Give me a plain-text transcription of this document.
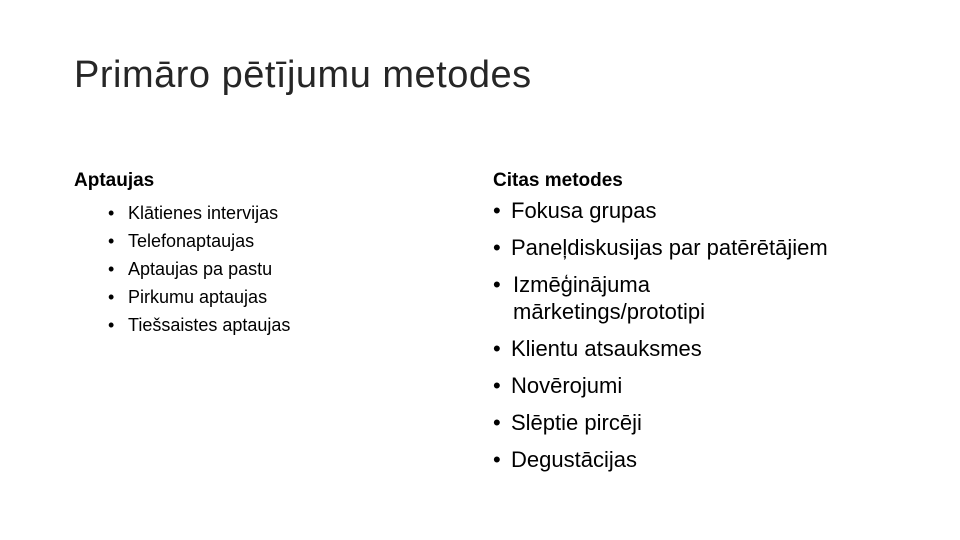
Primāro pētījumu metodes
Aptaujas
• Klātienes intervijas
• Telefonaptaujas
• Aptaujas pa pastu
• Pirkumu aptaujas
• Tiešsaistes aptaujas
Citas metodes
• Fokusa grupas
• Paneļdiskusijas par patērētājiem
• Izmēģinājuma
mārketings/prototipi
• Klientu atsauksmes
• Novērojumi
• Slēptie pircēji
• Degustācijas
